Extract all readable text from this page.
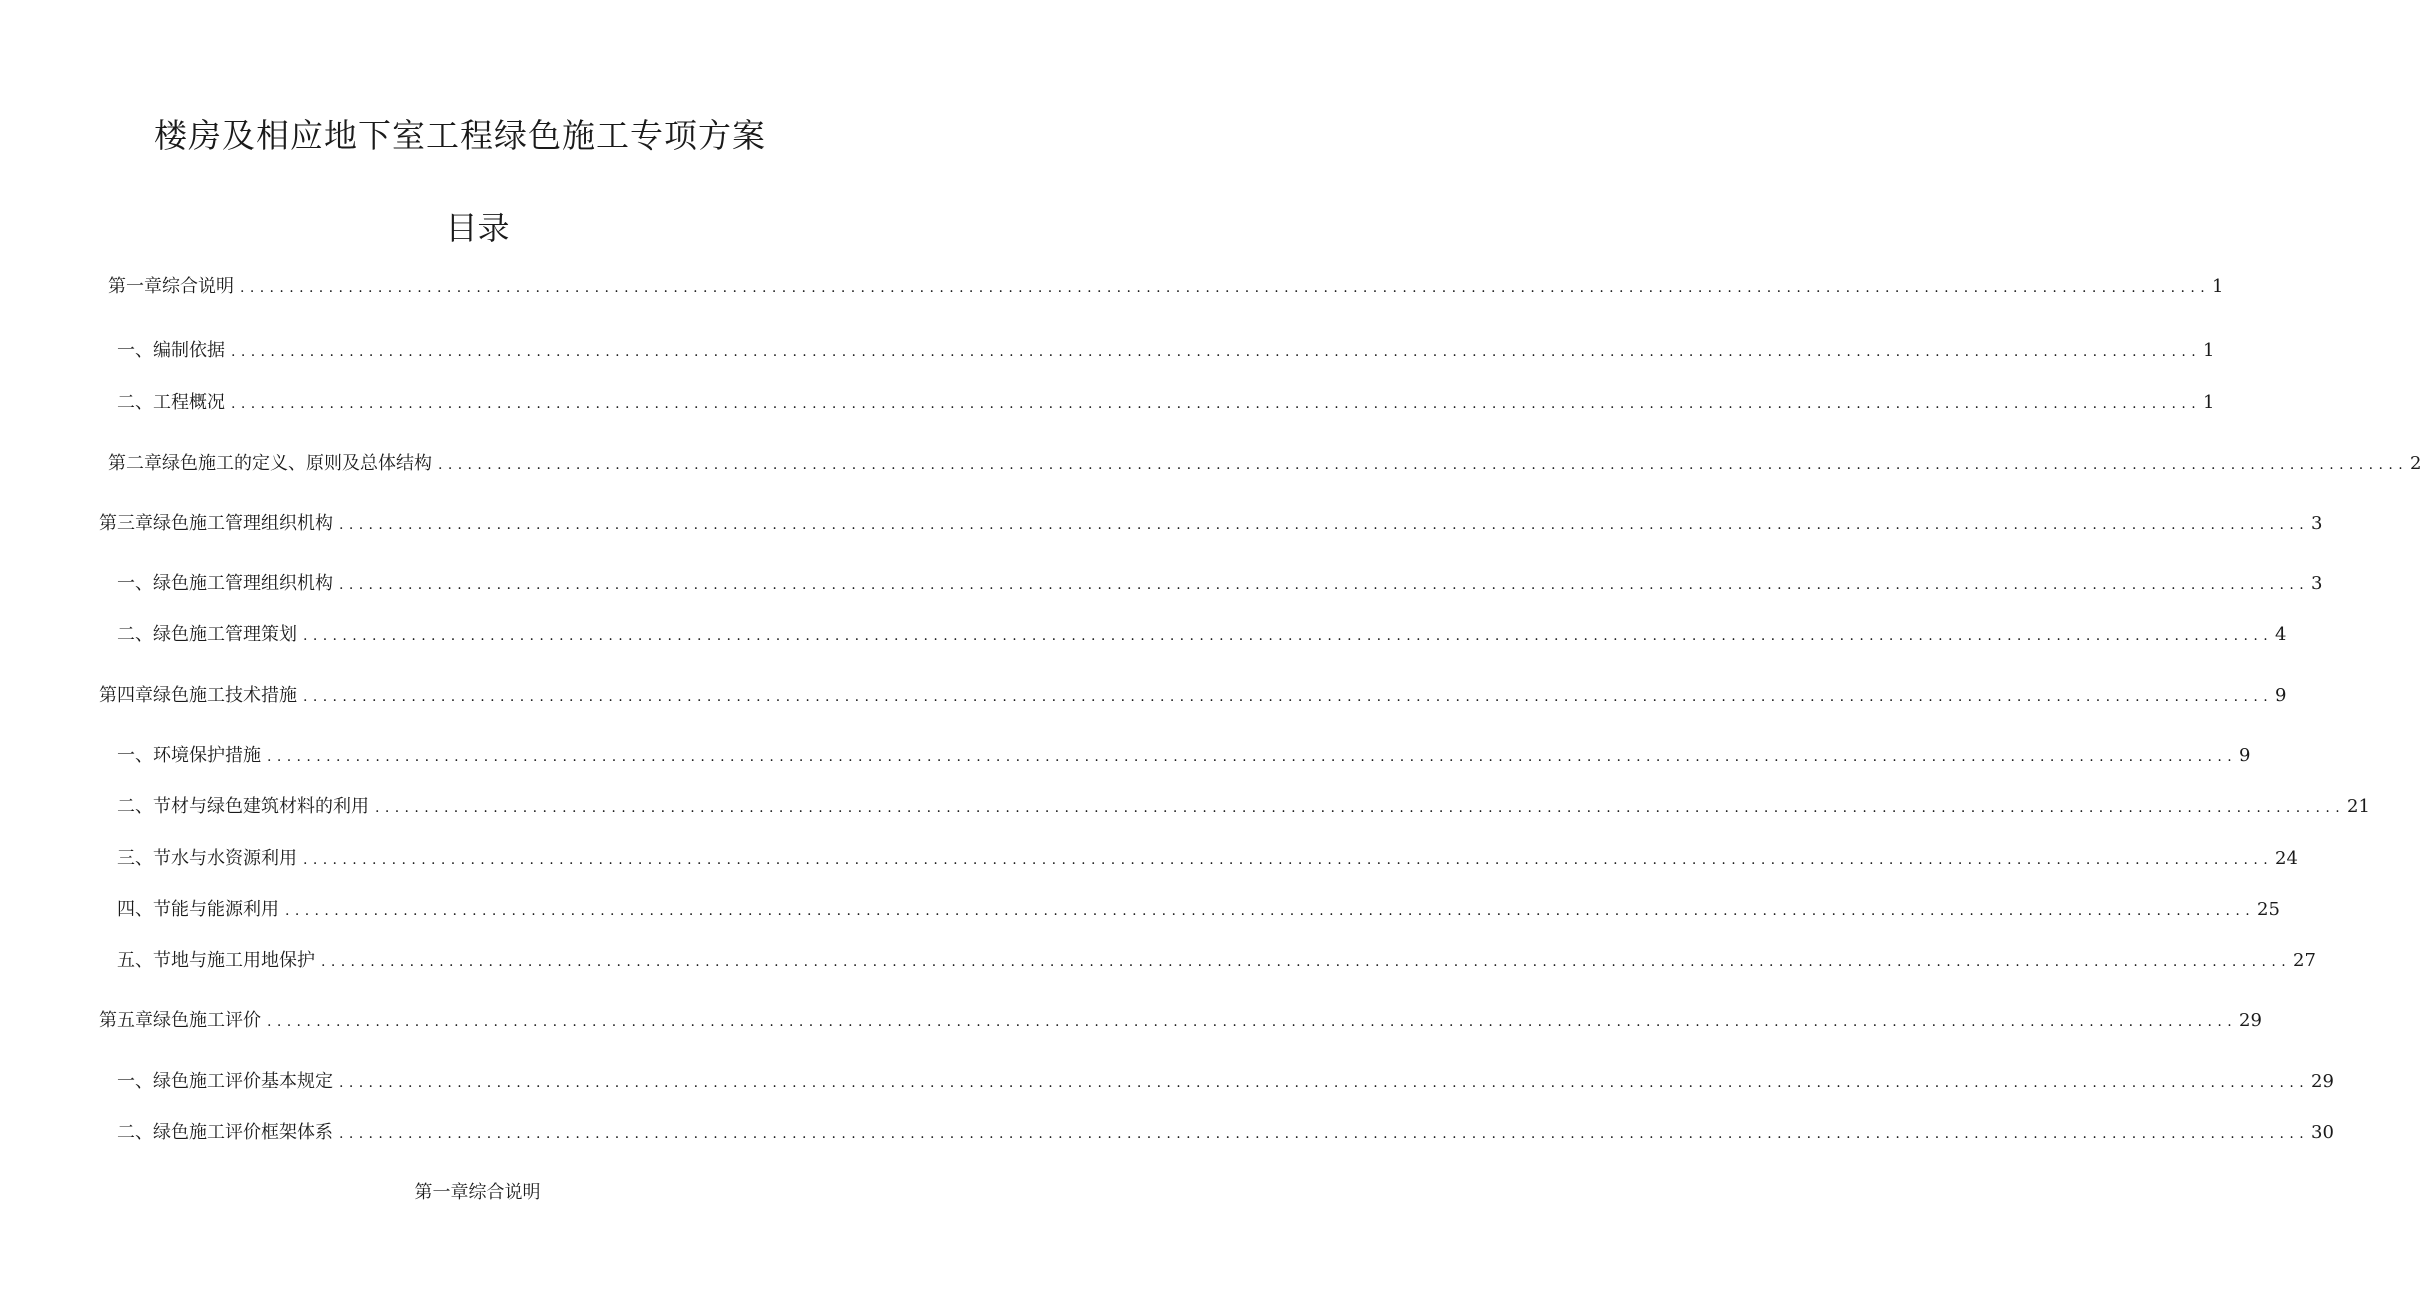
楼房及相应地下室工程绿色施工专项方案
目录
第一章综合说明 ........................................................................................................................................................................................................ 1
一、编制依据 ........................................................................................................................................................................................................ 1
二、工程概况 ........................................................................................................................................................................................................ 1
第二章绿色施工的定义、原则及总体结构 ........................................................................................................................................................................................................ 2
第三章绿色施工管理组织机构 ........................................................................................................................................................................................................ 3
一、绿色施工管理组织机构 ........................................................................................................................................................................................................ 3
二、绿色施工管理策划 ........................................................................................................................................................................................................ 4
第四章绿色施工技术措施 ........................................................................................................................................................................................................ 9
一、环境保护措施 ........................................................................................................................................................................................................ 9
二、节材与绿色建筑材料的利用 ........................................................................................................................................................................................................ 21
三、节水与水资源利用 ........................................................................................................................................................................................................ 24
四、节能与能源利用 ........................................................................................................................................................................................................ 25
五、节地与施工用地保护 ........................................................................................................................................................................................................ 27
第五章绿色施工评价 ........................................................................................................................................................................................................ 29
一、绿色施工评价基本规定 ........................................................................................................................................................................................................ 29
二、绿色施工评价框架体系 ........................................................................................................................................................................................................ 30
第一章综合说明
